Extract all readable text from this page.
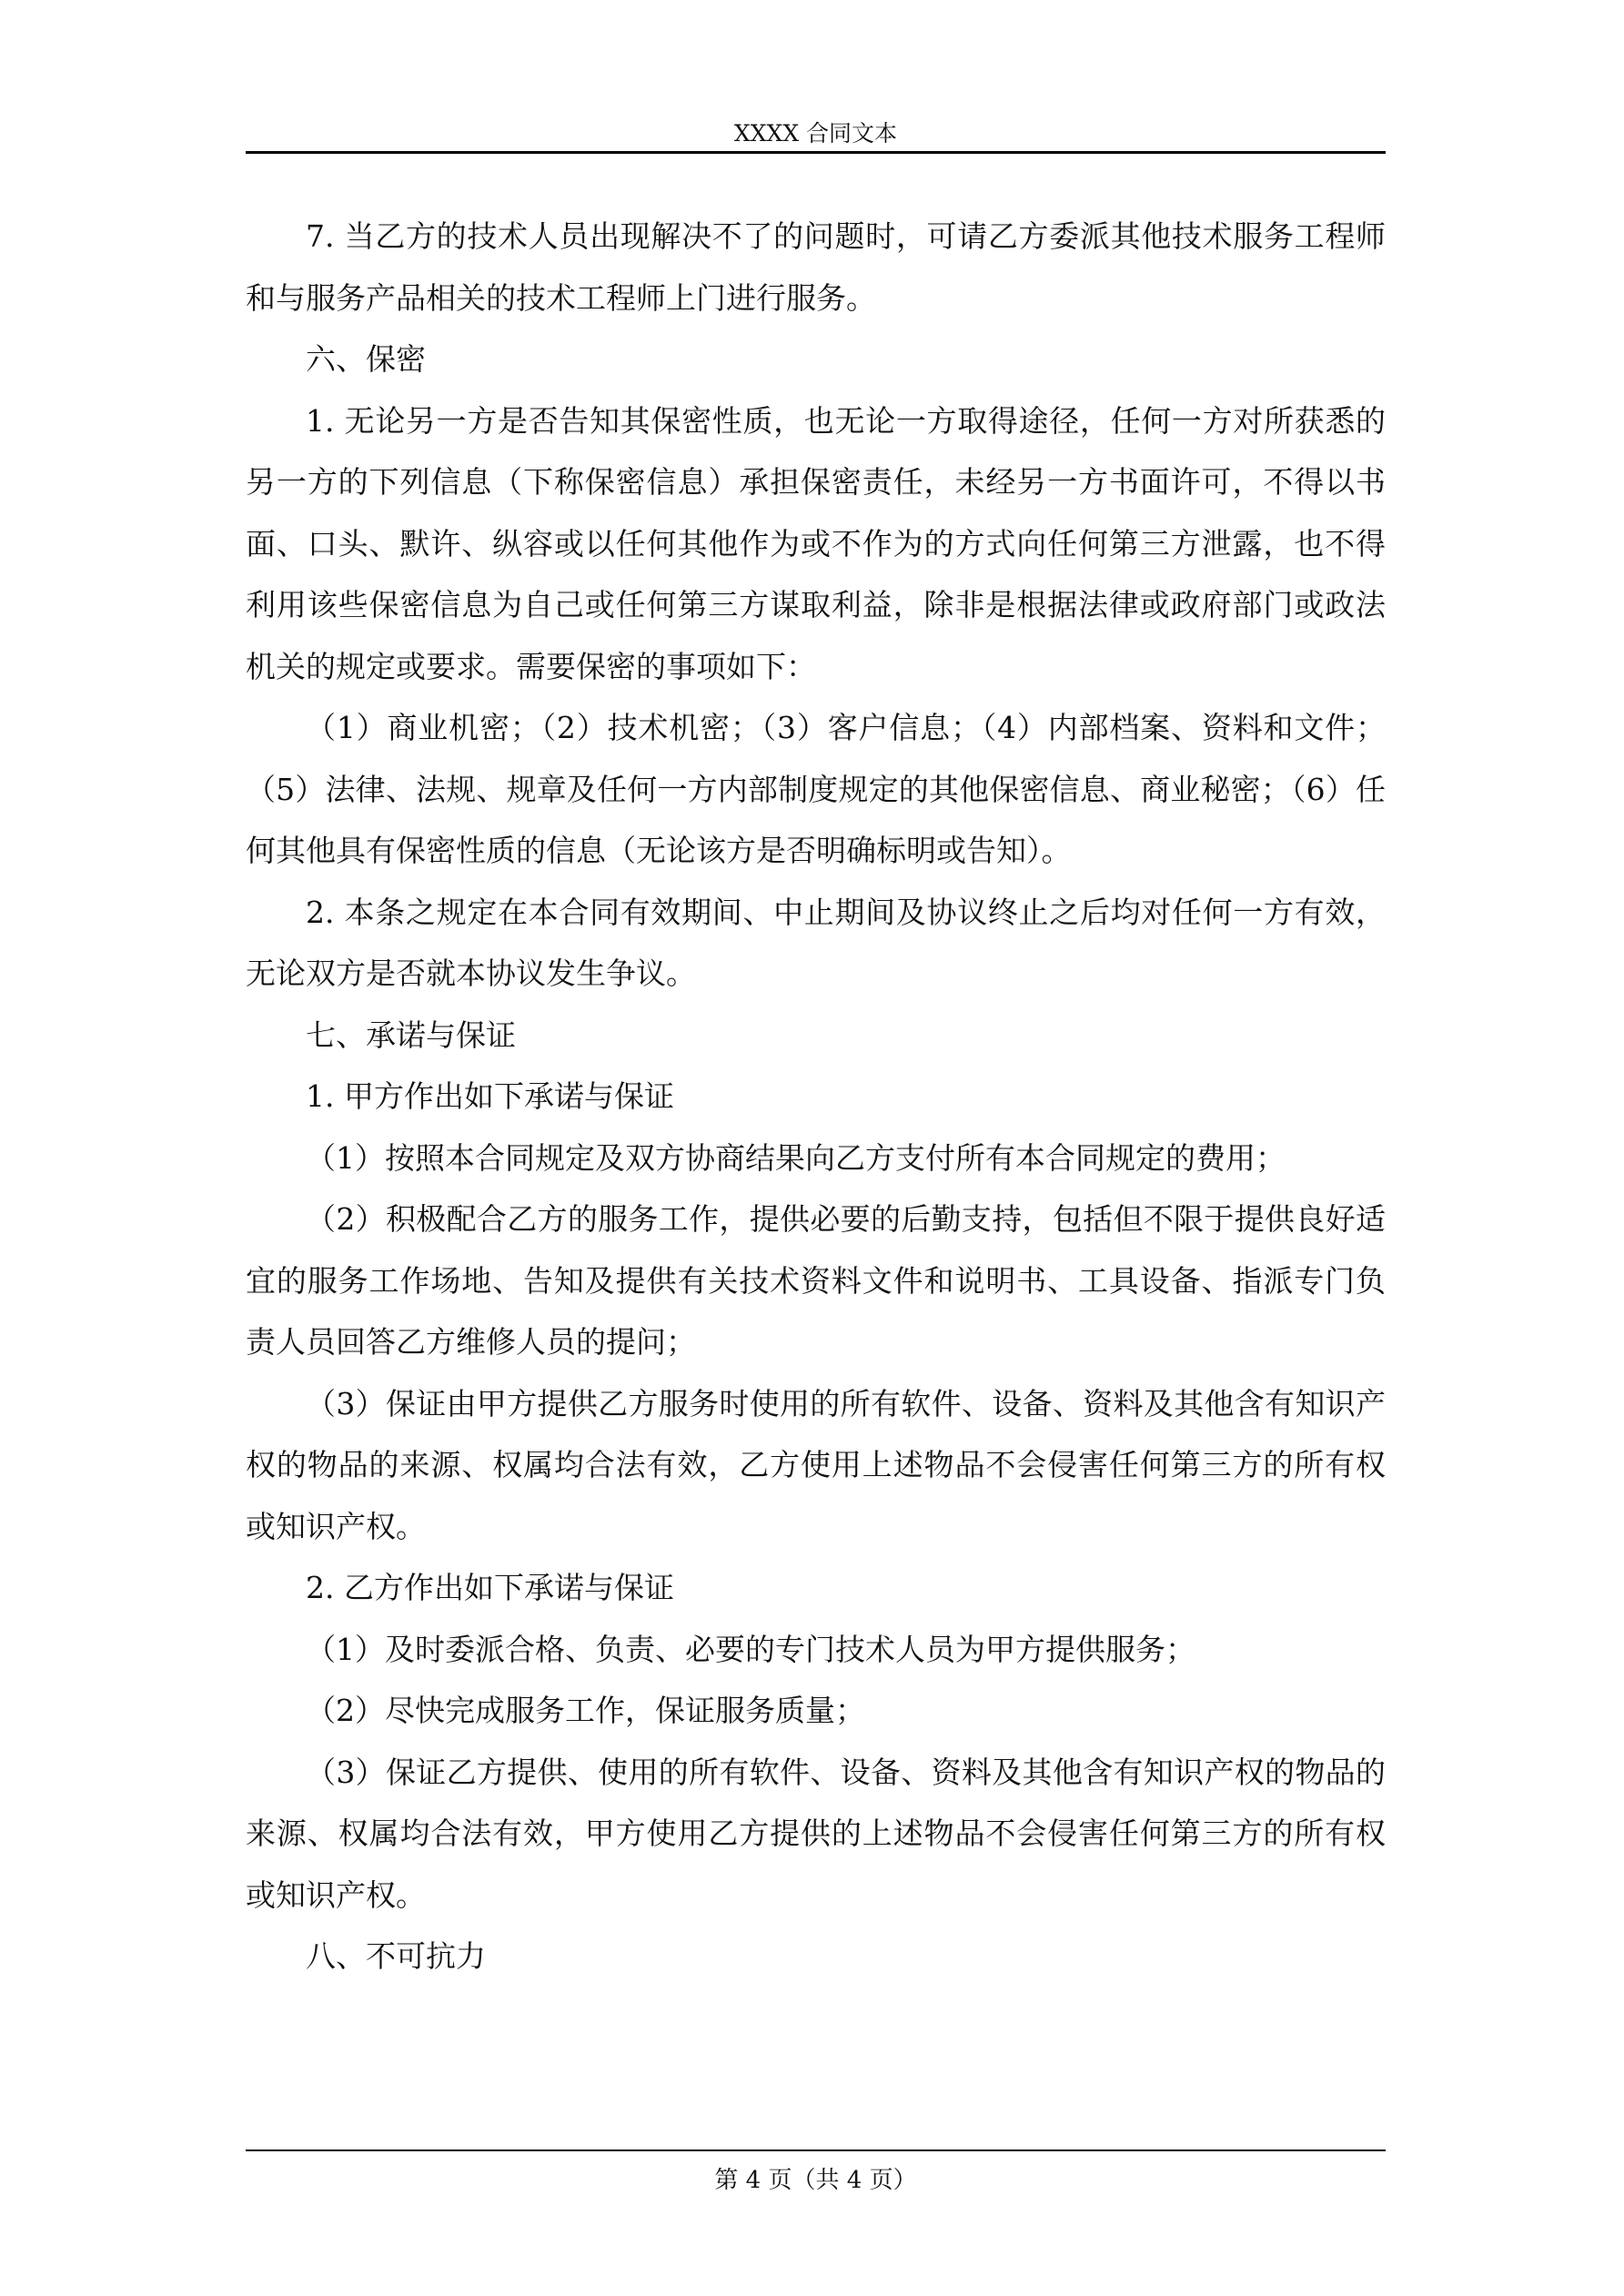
XXXX 合同文本

7. 当乙方的技术人员出现解决不了的问题时，可请乙方委派其他技术服务工程师和与服务产品相关的技术工程师上门进行服务。

六、保密

1. 无论另一方是否告知其保密性质，也无论一方取得途径，任何一方对所获悉的另一方的下列信息（下称保密信息）承担保密责任，未经另一方书面许可，不得以书面、口头、默许、纵容或以任何其他作为或不作为的方式向任何第三方泄露，也不得利用该些保密信息为自己或任何第三方谋取利益，除非是根据法律或政府部门或政法机关的规定或要求。需要保密的事项如下：

（1）商业机密；（2）技术机密；（3）客户信息；（4）内部档案、资料和文件；（5）法律、法规、规章及任何一方内部制度规定的其他保密信息、商业秘密；（6）任何其他具有保密性质的信息（无论该方是否明确标明或告知）。

2. 本条之规定在本合同有效期间、中止期间及协议终止之后均对任何一方有效，无论双方是否就本协议发生争议。

七、承诺与保证

1. 甲方作出如下承诺与保证

（1）按照本合同规定及双方协商结果向乙方支付所有本合同规定的费用；

（2）积极配合乙方的服务工作，提供必要的后勤支持，包括但不限于提供良好适宜的服务工作场地、告知及提供有关技术资料文件和说明书、工具设备、指派专门负责人员回答乙方维修人员的提问；

（3）保证由甲方提供乙方服务时使用的所有软件、设备、资料及其他含有知识产权的物品的来源、权属均合法有效，乙方使用上述物品不会侵害任何第三方的所有权或知识产权。

2. 乙方作出如下承诺与保证

（1）及时委派合格、负责、必要的专门技术人员为甲方提供服务；

（2）尽快完成服务工作，保证服务质量；

（3）保证乙方提供、使用的所有软件、设备、资料及其他含有知识产权的物品的来源、权属均合法有效，甲方使用乙方提供的上述物品不会侵害任何第三方的所有权或知识产权。

八、不可抗力

第 4 页（共 4 页）
